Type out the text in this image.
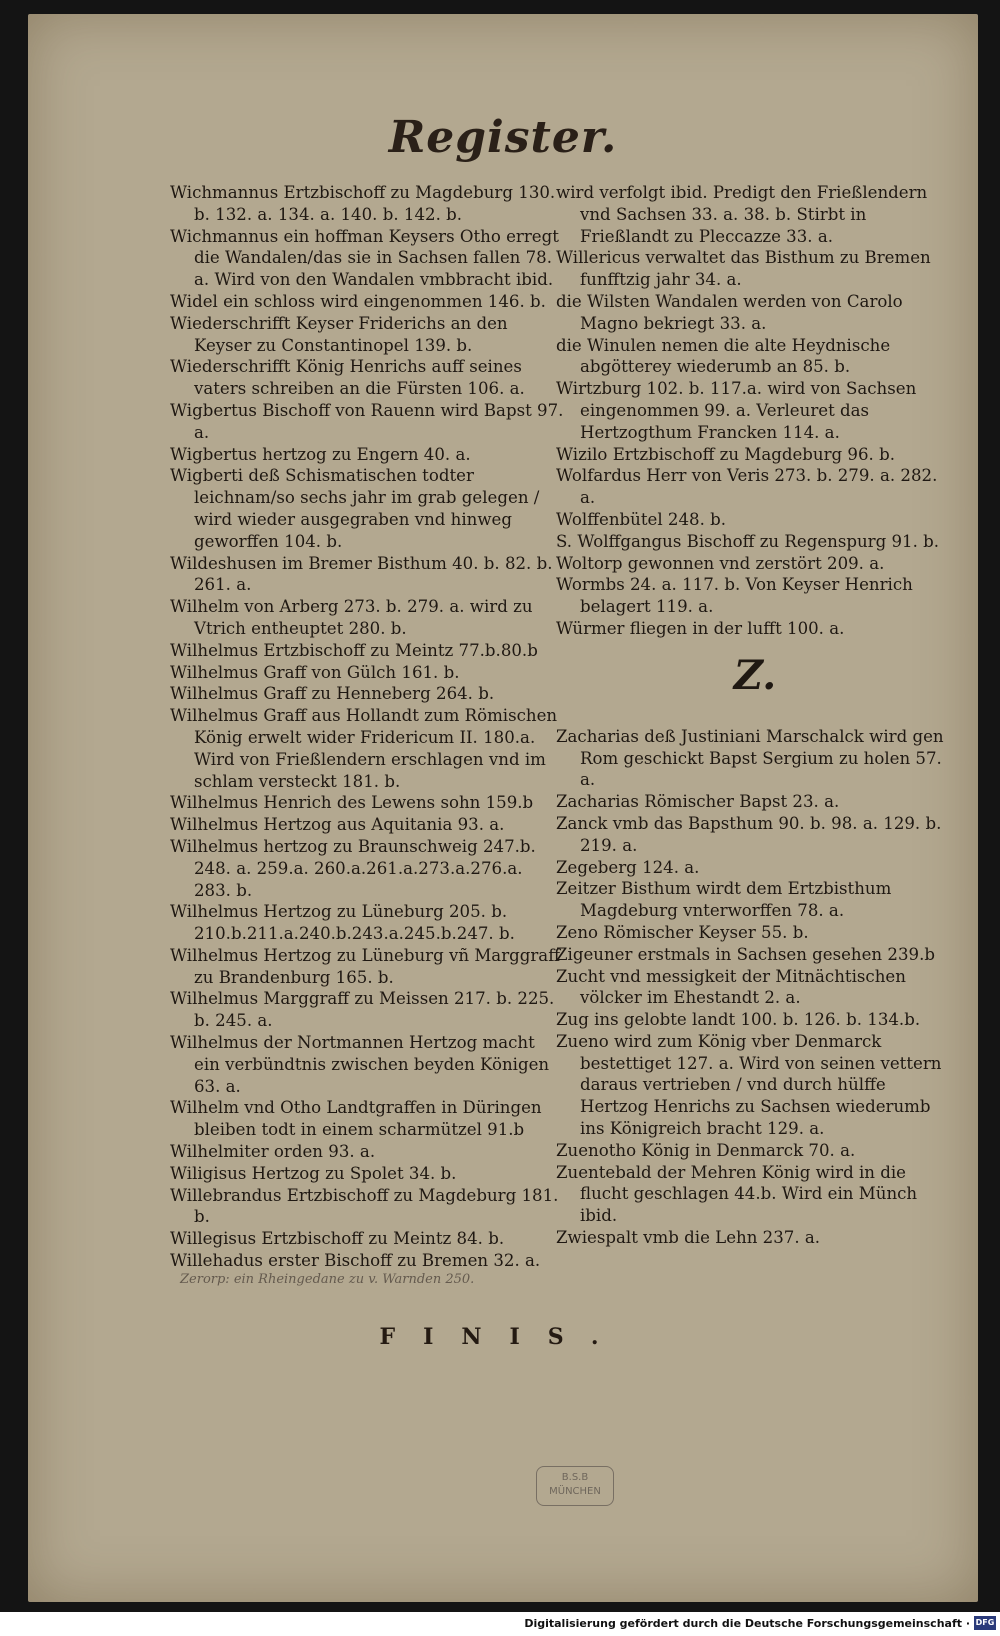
Register.

Wichmannus Ertzbischoff zu Magdeburg 130. b. 132. a. 134. a. 140. b. 142. b.

Wichmannus ein hoffman Keysers Otho erregt die Wandalen/das sie in Sachsen fallen 78. a. Wird von den Wandalen vmbbracht ibid.

Widel ein schloss wird eingenommen 146. b.

Wiederschrifft Keyser Friderichs an den Keyser zu Constantinopel 139. b.

Wiederschrifft König Henrichs auff seines vaters schreiben an die Fürsten 106. a.

Wigbertus Bischoff von Rauenn wird Bapst 97. a.

Wigbertus hertzog zu Engern 40. a.

Wigberti deß Schismatischen todter leichnam/so sechs jahr im grab gelegen / wird wieder ausgegraben vnd hinweg geworffen 104. b.

Wildeshusen im Bremer Bisthum 40. b. 82. b. 261. a.

Wilhelm von Arberg 273. b. 279. a. wird zu Vtrich entheuptet 280. b.

Wilhelmus Ertzbischoff zu Meintz 77.b.80.b

Wilhelmus Graff von Gülch 161. b.

Wilhelmus Graff zu Henneberg 264. b.

Wilhelmus Graff aus Hollandt zum Römischen König erwelt wider Fridericum II. 180.a. Wird von Frießlendern erschlagen vnd im schlam versteckt 181. b.

Wilhelmus Henrich des Lewens sohn 159.b

Wilhelmus Hertzog aus Aquitania 93. a.

Wilhelmus hertzog zu Braunschweig 247.b. 248. a. 259.a. 260.a.261.a.273.a.276.a. 283. b.

Wilhelmus Hertzog zu Lüneburg 205. b. 210.b.211.a.240.b.243.a.245.b.247. b.

Wilhelmus Hertzog zu Lüneburg vñ Marggraff zu Brandenburg 165. b.

Wilhelmus Marggraff zu Meissen 217. b. 225. b. 245. a.

Wilhelmus der Nortmannen Hertzog macht ein verbündtnis zwischen beyden Königen 63. a.

Wilhelm vnd Otho Landtgraffen in Düringen bleiben todt in einem scharmützel 91.b

Wilhelmiter orden 93. a.

Wiligisus Hertzog zu Spolet 34. b.

Willebrandus Ertzbischoff zu Magdeburg 181. b.

Willegisus Ertzbischoff zu Meintz 84. b.

Willehadus erster Bischoff zu Bremen 32. a.

Zerorp: ein Rheingedane zu v. Warnden 250.

wird verfolgt ibid. Predigt den Frießlendern vnd Sachsen 33. a. 38. b. Stirbt in Frießlandt zu Pleccazze 33. a.

Willericus verwaltet das Bisthum zu Bremen funfftzig jahr 34. a.

die Wilsten Wandalen werden von Carolo Magno bekriegt 33. a.

die Winulen nemen die alte Heydnische abgötterey wiederumb an 85. b.

Wirtzburg 102. b. 117.a. wird von Sachsen eingenommen 99. a. Verleuret das Hertzogthum Francken 114. a.

Wizilo Ertzbischoff zu Magdeburg 96. b.

Wolfardus Herr von Veris 273. b. 279. a. 282. a.

Wolffenbütel 248. b.

S. Wolffgangus Bischoff zu Regenspurg 91. b.

Woltorp gewonnen vnd zerstört 209. a.

Wormbs 24. a. 117. b. Von Keyser Henrich belagert 119. a.

Würmer fliegen in der lufft 100. a.

Z.

Zacharias deß Justiniani Marschalck wird gen Rom geschickt Bapst Sergium zu holen 57. a.

Zacharias Römischer Bapst 23. a.

Zanck vmb das Bapsthum 90. b. 98. a. 129. b. 219. a.

Zegeberg 124. a.

Zeitzer Bisthum wirdt dem Ertzbisthum Magdeburg vnterworffen 78. a.

Zeno Römischer Keyser 55. b.

Zigeuner erstmals in Sachsen gesehen 239.b

Zucht vnd messigkeit der Mitnächtischen völcker im Ehestandt 2. a.

Zug ins gelobte landt 100. b. 126. b. 134.b.

Zueno wird zum König vber Denmarck bestettiget 127. a. Wird von seinen vettern daraus vertrieben / vnd durch hülffe Hertzog Henrichs zu Sachsen wiederumb ins Königreich bracht 129. a.

Zuenotho König in Denmarck 70. a.

Zuentebald der Mehren König wird in die flucht geschlagen 44.b. Wird ein Münch ibid.

Zwiespalt vmb die Lehn 237. a.

FINIS.
B.S.B
MÜNCHEN
Digitalisierung gefördert durch die Deutsche Forschungsgemeinschaft · DFG
